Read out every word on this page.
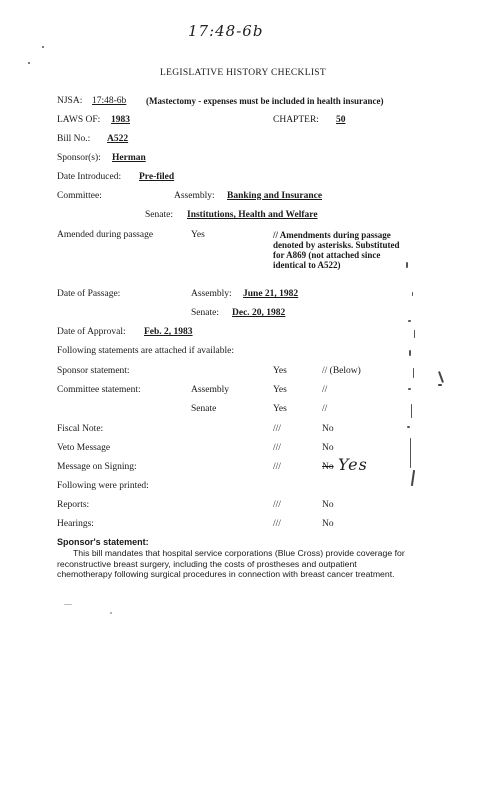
17:48-6b
LEGISLATIVE HISTORY CHECKLIST
NJSA: 17:48-6b (Mastectomy - expenses must be included in health insurance)
LAWS OF: 1983	CHAPTER: 50
Bill No.: A522
Sponsor(s): Herman
Date Introduced: Pre-filed
Committee:	Assembly: Banking and Insurance
Senate: Institutions, Health and Welfare
Amended during passage	Yes	// Amendments during passage denoted by asterisks. Substituted for A869 (not attached since identical to A522)
Date of Passage:	Assembly: June 21, 1982
Senate: Dec. 20, 1982
Date of Approval: Feb. 2, 1983
Following statements are attached if available:
Sponsor statement:	Yes	// (Below)
Committee statement:	Assembly	Yes	//
Senate	Yes	//
Fiscal Note:	///	No
Veto Message	///	No
Message on Signing:	///	No Yes
Following were printed:
Reports:	///	No
Hearings:	///	No
Sponsor's statement:
This bill mandates that hospital service corporations (Blue Cross) provide coverage for reconstructive breast surgery, including the costs of prostheses and outpatient chemotherapy following surgical procedures in connection with breast cancer treatment.
